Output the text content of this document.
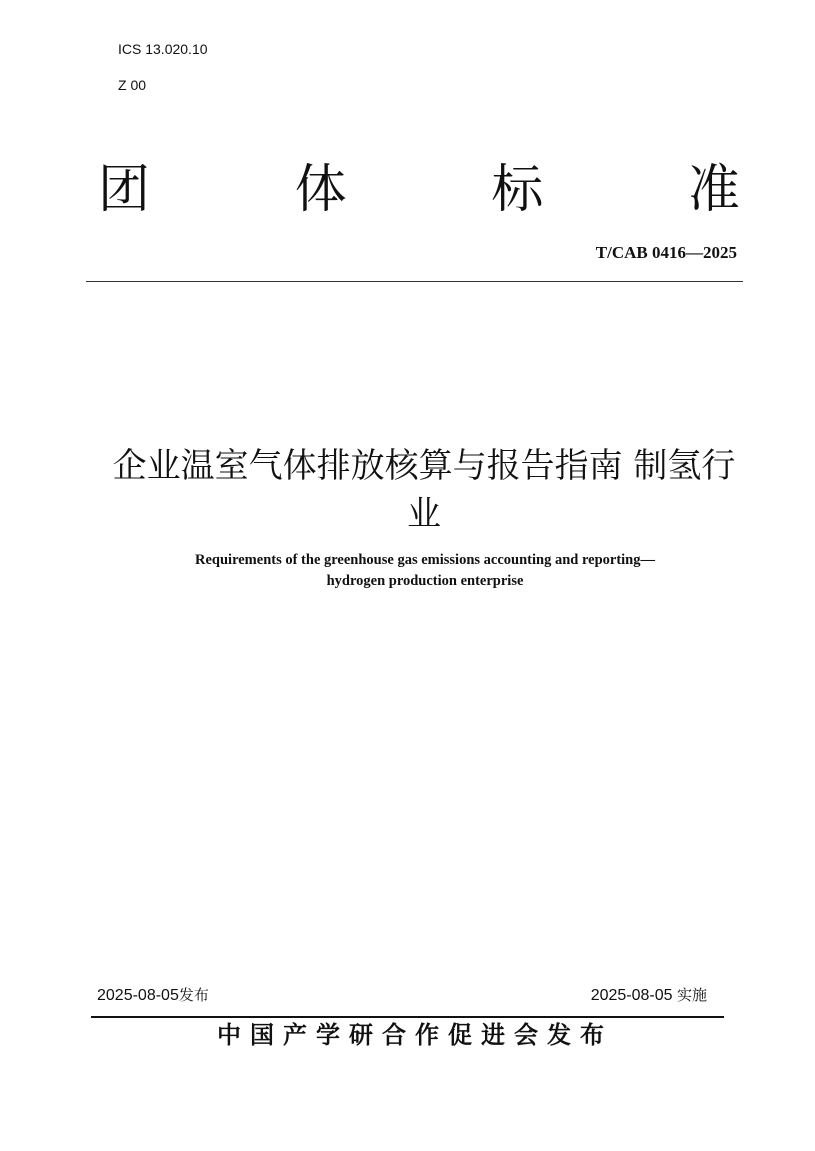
ICS 13.020.10
Z 00
团	体	标	准
T/CAB 0416—2025
企业温室气体排放核算与报告指南 制氢行
业
Requirements of the greenhouse gas emissions accounting and reporting—
hydrogen production enterprise
2025-08-05发布	2025-08-05 实施
中国产学研合作促进会发布
